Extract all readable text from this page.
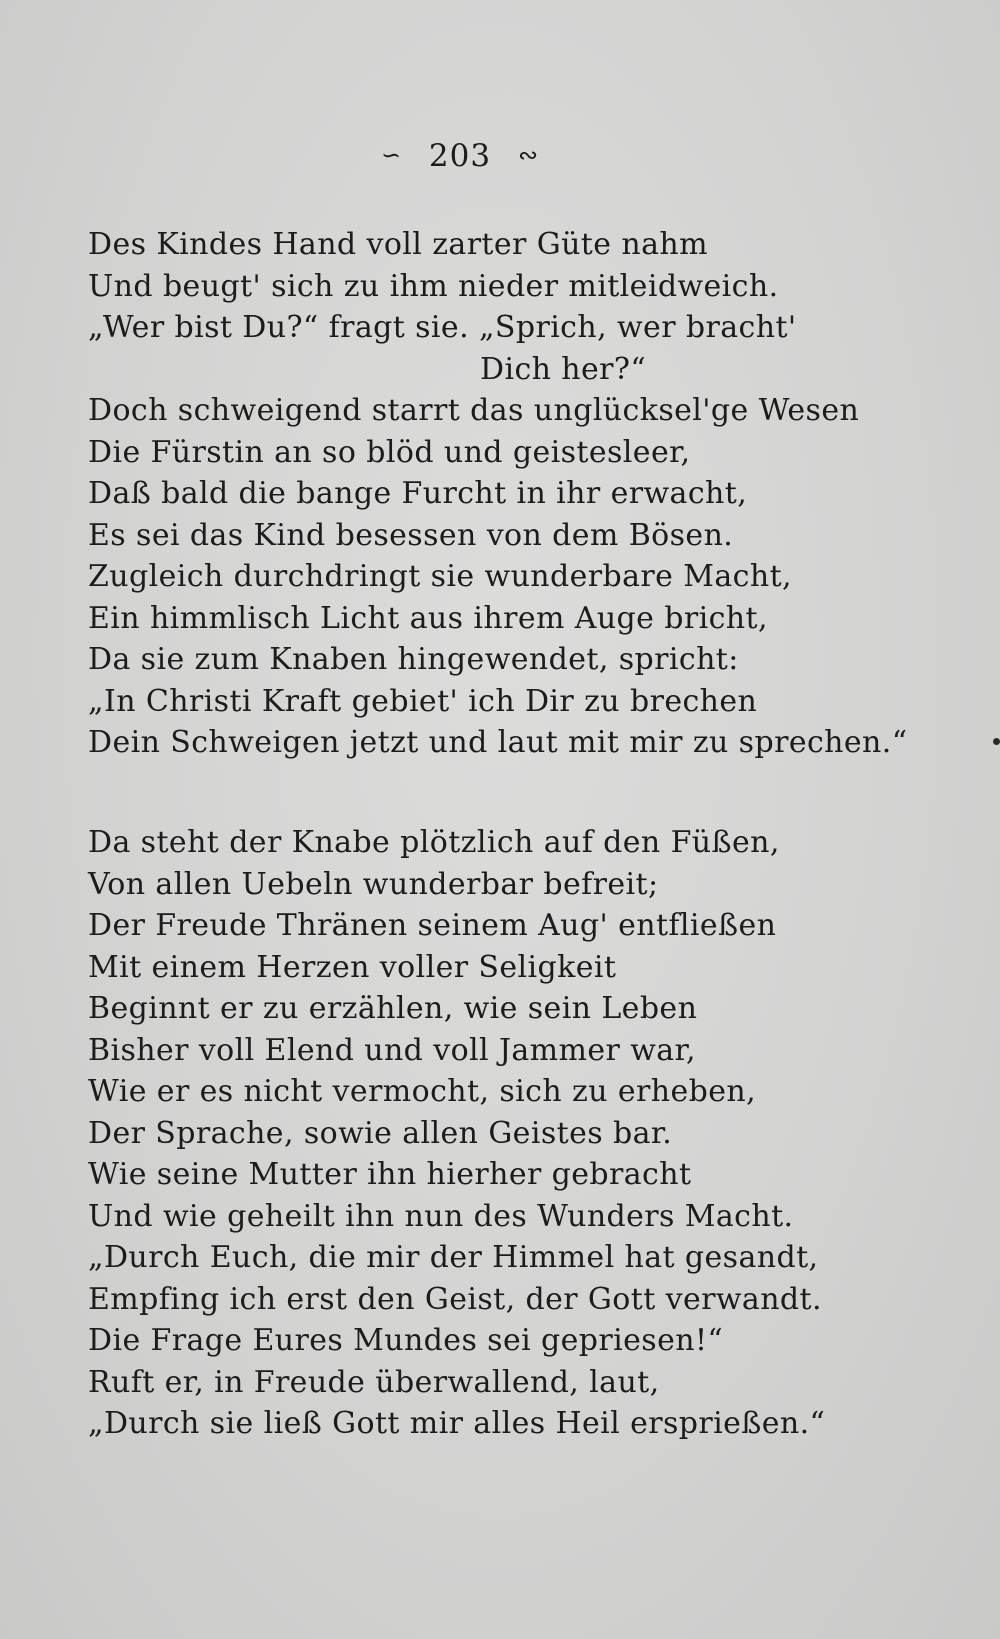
∽ 203 ∾
Des Kindes Hand voll zarter Güte nahm
Und beugt' sich zu ihm nieder mitleidweich.
„Wer bist Du?“ fragt sie. „Sprich, wer bracht'
Dich her?“
Doch schweigend starrt das unglücksel'ge Wesen
Die Fürstin an so blöd und geistesleer,
Daß bald die bange Furcht in ihr erwacht,
Es sei das Kind besessen von dem Bösen.
Zugleich durchdringt sie wunderbare Macht,
Ein himmlisch Licht aus ihrem Auge bricht,
Da sie zum Knaben hingewendet, spricht:
„In Christi Kraft gebiet' ich Dir zu brechen
Dein Schweigen jetzt und laut mit mir zu sprechen.“
Da steht der Knabe plötzlich auf den Füßen,
Von allen Uebeln wunderbar befreit;
Der Freude Thränen seinem Aug' entfließen
Mit einem Herzen voller Seligkeit
Beginnt er zu erzählen, wie sein Leben
Bisher voll Elend und voll Jammer war,
Wie er es nicht vermocht, sich zu erheben,
Der Sprache, sowie allen Geistes bar.
Wie seine Mutter ihn hierher gebracht
Und wie geheilt ihn nun des Wunders Macht.
„Durch Euch, die mir der Himmel hat gesandt,
Empfing ich erst den Geist, der Gott verwandt.
Die Frage Eures Mundes sei gepriesen!“
Ruft er, in Freude überwallend, laut,
„Durch sie ließ Gott mir alles Heil ersprießen.“
